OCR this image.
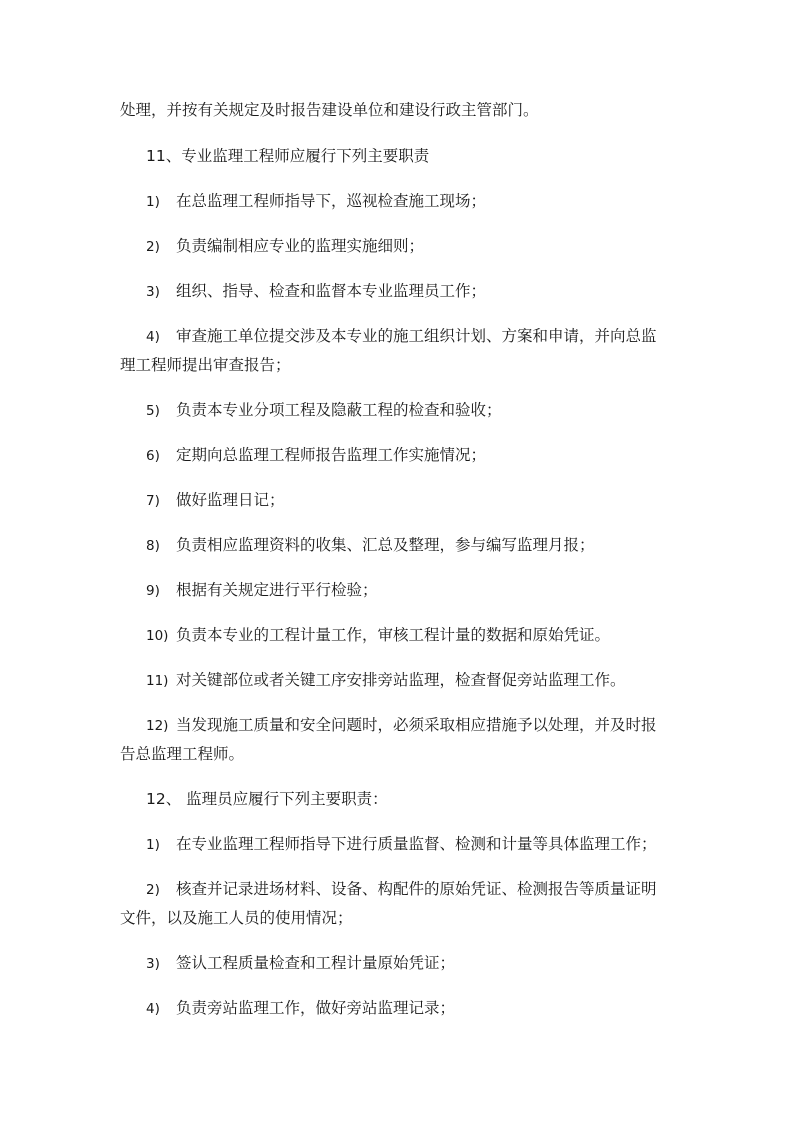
处理，并按有关规定及时报告建设单位和建设行政主管部门。
11、专业监理工程师应履行下列主要职责
1) 在总监理工程师指导下，巡视检查施工现场；
2) 负责编制相应专业的监理实施细则；
3) 组织、指导、检查和监督本专业监理员工作；
4) 审查施工单位提交涉及本专业的施工组织计划、方案和申请，并向总监
理工程师提出审查报告；
5) 负责本专业分项工程及隐蔽工程的检查和验收；
6) 定期向总监理工程师报告监理工作实施情况；
7) 做好监理日记；
8) 负责相应监理资料的收集、汇总及整理，参与编写监理月报；
9) 根据有关规定进行平行检验；
10) 负责本专业的工程计量工作，审核工程计量的数据和原始凭证。
11) 对关键部位或者关键工序安排旁站监理，检查督促旁站监理工作。
12) 当发现施工质量和安全问题时，必须采取相应措施予以处理，并及时报
告总监理工程师。
12、 监理员应履行下列主要职责：
1) 在专业监理工程师指导下进行质量监督、检测和计量等具体监理工作；
2) 核查并记录进场材料、设备、构配件的原始凭证、检测报告等质量证明
文件，以及施工人员的使用情况；
3) 签认工程质量检查和工程计量原始凭证；
4) 负责旁站监理工作，做好旁站监理记录；
